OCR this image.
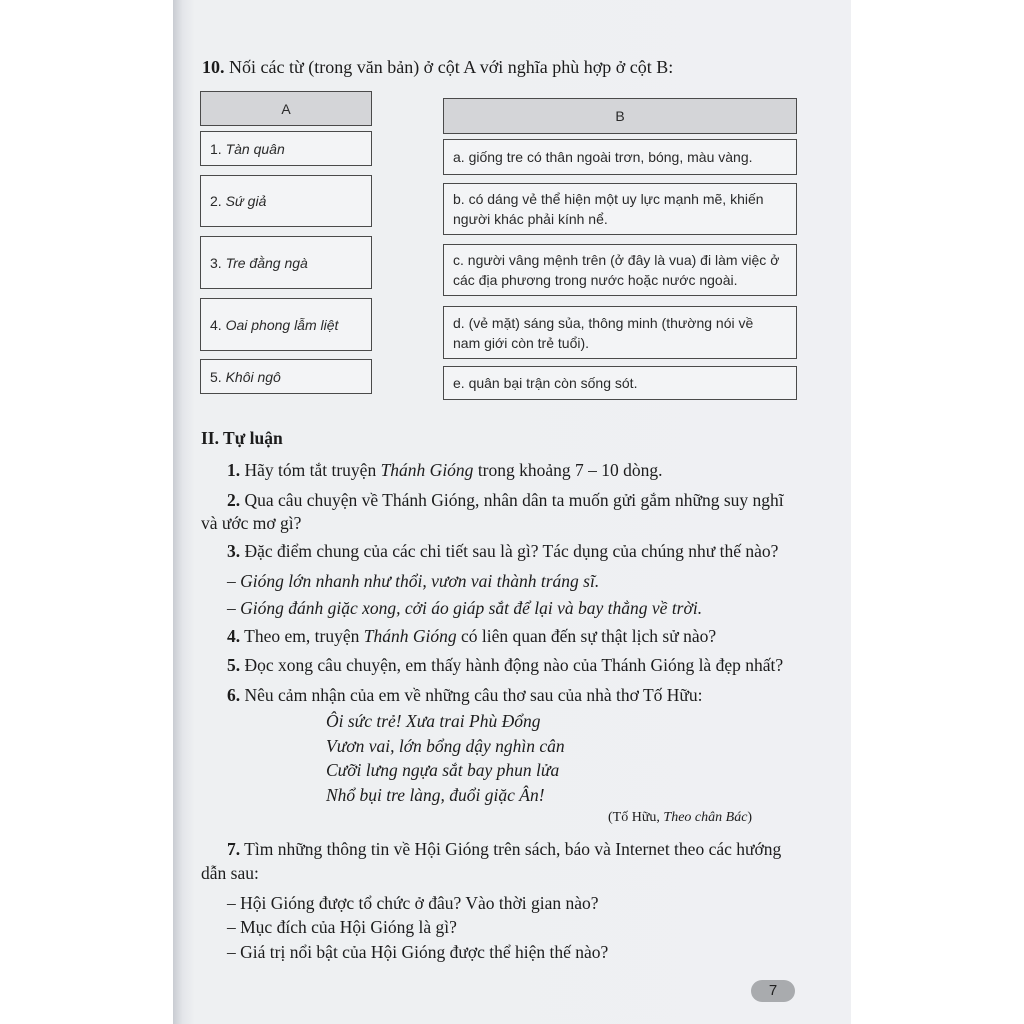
10. Nối các từ (trong văn bản) ở cột A với nghĩa phù hợp ở cột B:
A
1. Tàn quân
2. Sứ giả
3. Tre đằng ngà
4. Oai phong lẫm liệt
5. Khôi ngô
B
a. giống tre có thân ngoài trơn, bóng, màu vàng.
b. có dáng vẻ thể hiện một uy lực mạnh mẽ, khiến
người khác phải kính nể.
c. người vâng mệnh trên (ở đây là vua) đi làm việc ở
các địa phương trong nước hoặc nước ngoài.
d. (vẻ mặt) sáng sủa, thông minh (thường nói về
nam giới còn trẻ tuổi).
e. quân bại trận còn sống sót.
II. Tự luận
1. Hãy tóm tắt truyện Thánh Gióng trong khoảng 7 – 10 dòng.
2. Qua câu chuyện về Thánh Gióng, nhân dân ta muốn gửi gắm những suy nghĩ
và ước mơ gì?
3. Đặc điểm chung của các chi tiết sau là gì? Tác dụng của chúng như thế nào?
– Gióng lớn nhanh như thổi, vươn vai thành tráng sĩ.
– Gióng đánh giặc xong, cởi áo giáp sắt để lại và bay thẳng về trời.
4. Theo em, truyện Thánh Gióng có liên quan đến sự thật lịch sử nào?
5. Đọc xong câu chuyện, em thấy hành động nào của Thánh Gióng là đẹp nhất?
6. Nêu cảm nhận của em về những câu thơ sau của nhà thơ Tố Hữu:
Ôi sức trẻ! Xưa trai Phù Đổng
Vươn vai, lớn bổng dậy nghìn cân
Cưỡi lưng ngựa sắt bay phun lửa
Nhổ bụi tre làng, đuổi giặc Ân!
(Tố Hữu, Theo chân Bác)
7. Tìm những thông tin về Hội Gióng trên sách, báo và Internet theo các hướng
dẫn sau:
– Hội Gióng được tổ chức ở đâu? Vào thời gian nào?
– Mục đích của Hội Gióng là gì?
– Giá trị nổi bật của Hội Gióng được thể hiện thế nào?
7
